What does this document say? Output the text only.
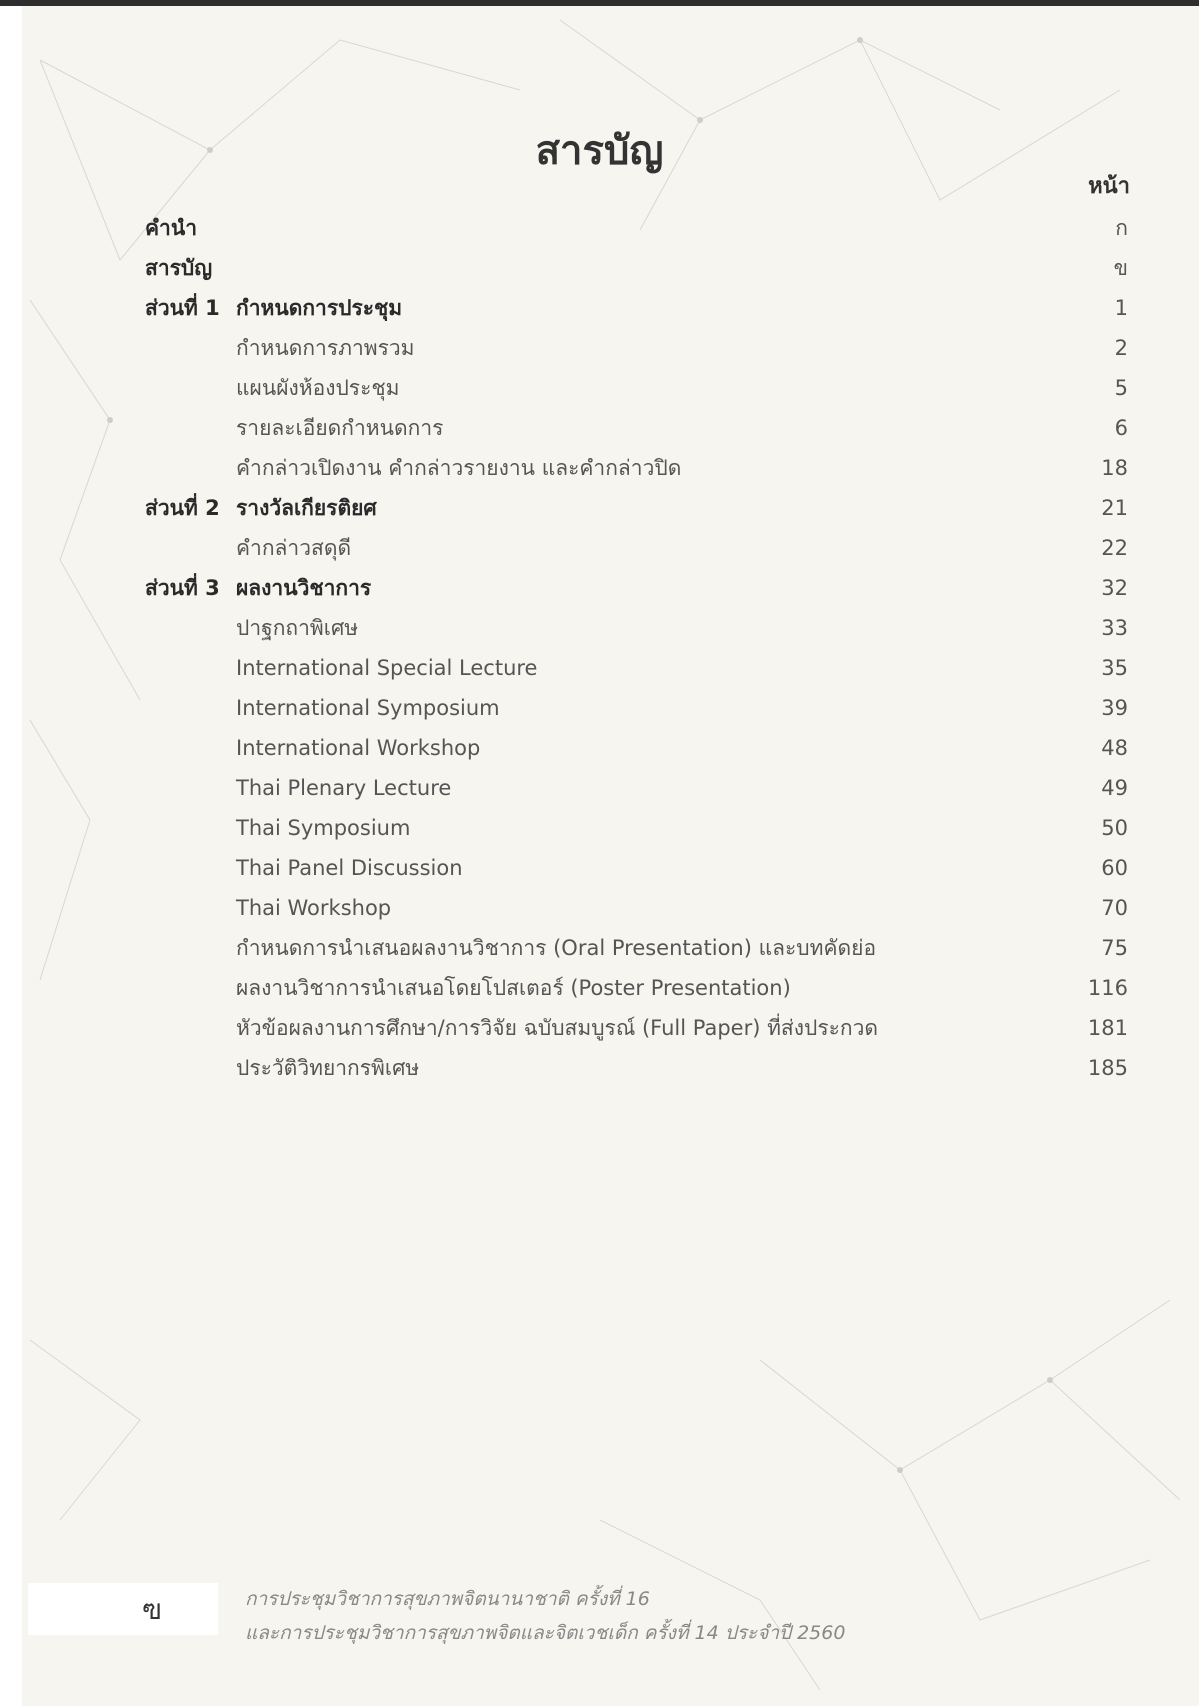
สารบัญ
หน้า
คำนำ	ก
สารบัญ	ข
ส่วนที่ 1 กำหนดการประชุม	1
กำหนดการภาพรวม	2
แผนผังห้องประชุม	5
รายละเอียดกำหนดการ	6
คำกล่าวเปิดงาน คำกล่าวรายงาน และคำกล่าวปิด	18
ส่วนที่ 2 รางวัลเกียรติยศ	21
คำกล่าวสดุดี	22
ส่วนที่ 3 ผลงานวิชาการ	32
ปาฐกถาพิเศษ	33
International Special Lecture	35
International Symposium	39
International Workshop	48
Thai Plenary Lecture	49
Thai Symposium	50
Thai Panel Discussion	60
Thai Workshop	70
กำหนดการนำเสนอผลงานวิชาการ (Oral Presentation) และบทคัดย่อ	75
ผลงานวิชาการนำเสนอโดยโปสเตอร์ (Poster Presentation)	116
หัวข้อผลงานการศึกษา/การวิจัย ฉบับสมบูรณ์ (Full Paper) ที่ส่งประกวด	181
ประวัติวิทยากรพิเศษ	185
ฃ	การประชุมวิชาการสุขภาพจิตนานาชาติ ครั้งที่ 16
และการประชุมวิชาการสุขภาพจิตและจิตเวชเด็ก ครั้งที่ 14 ประจำปี 2560
